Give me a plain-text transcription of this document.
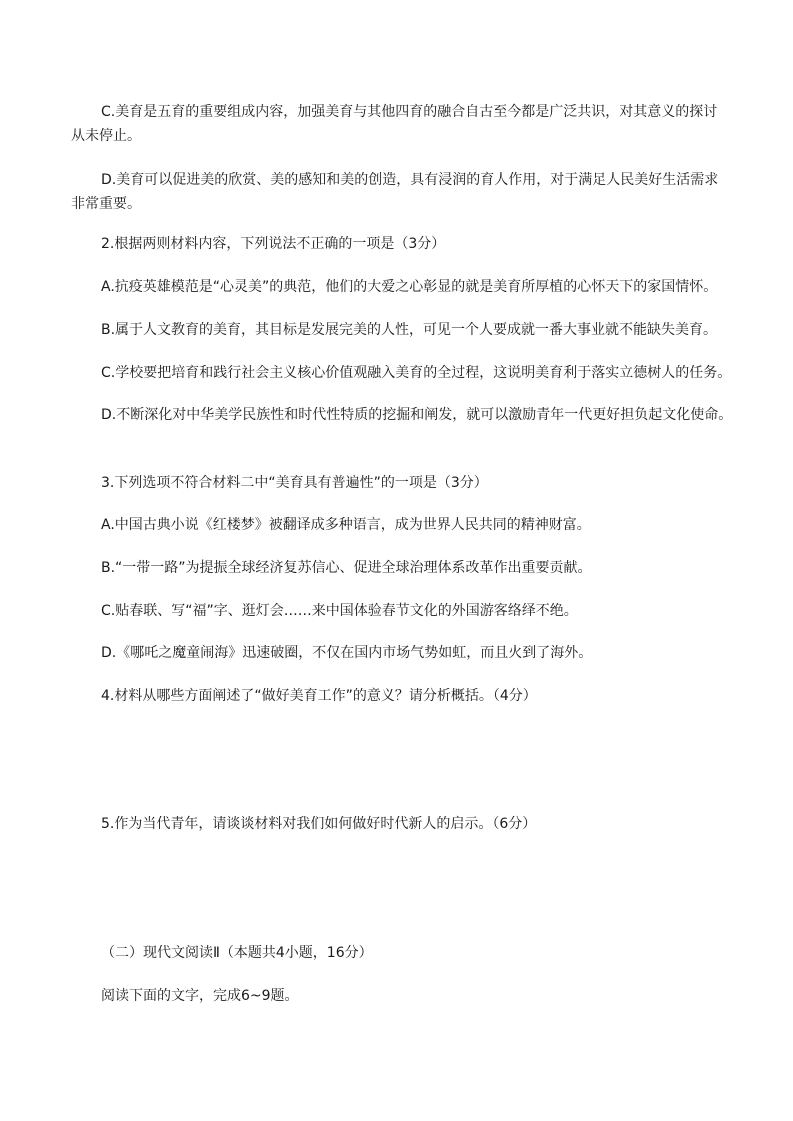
C.美育是五育的重要组成内容，加强美育与其他四育的融合自古至今都是广泛共识，对其意义的探讨
从未停止。
D.美育可以促进美的欣赏、美的感知和美的创造，具有浸润的育人作用，对于满足人民美好生活需求
非常重要。
2.根据两则材料内容，下列说法不正确的一项是（3分）
A.抗疫英雄模范是“心灵美”的典范，他们的大爱之心彰显的就是美育所厚植的心怀天下的家国情怀。
B.属于人文教育的美育，其目标是发展完美的人性，可见一个人要成就一番大事业就不能缺失美育。
C.学校要把培育和践行社会主义核心价值观融入美育的全过程，这说明美育利于落实立德树人的任务。
D.不断深化对中华美学民族性和时代性特质的挖掘和阐发，就可以激励青年一代更好担负起文化使命。
3.下列选项不符合材料二中“美育具有普遍性”的一项是（3分）
A.中国古典小说《红楼梦》被翻译成多种语言，成为世界人民共同的精神财富。
B.“一带一路”为提振全球经济复苏信心、促进全球治理体系改革作出重要贡献。
C.贴春联、写“福”字、逛灯会……来中国体验春节文化的外国游客络绎不绝。
D.《哪吒之魔童闹海》迅速破圈，不仅在国内市场气势如虹，而且火到了海外。
4.材料从哪些方面阐述了“做好美育工作”的意义？请分析概括。（4分）
5.作为当代青年，请谈谈材料对我们如何做好时代新人的启示。（6分）
（二）现代文阅读Ⅱ（本题共4小题，16分）
阅读下面的文字，完成6~9题。
